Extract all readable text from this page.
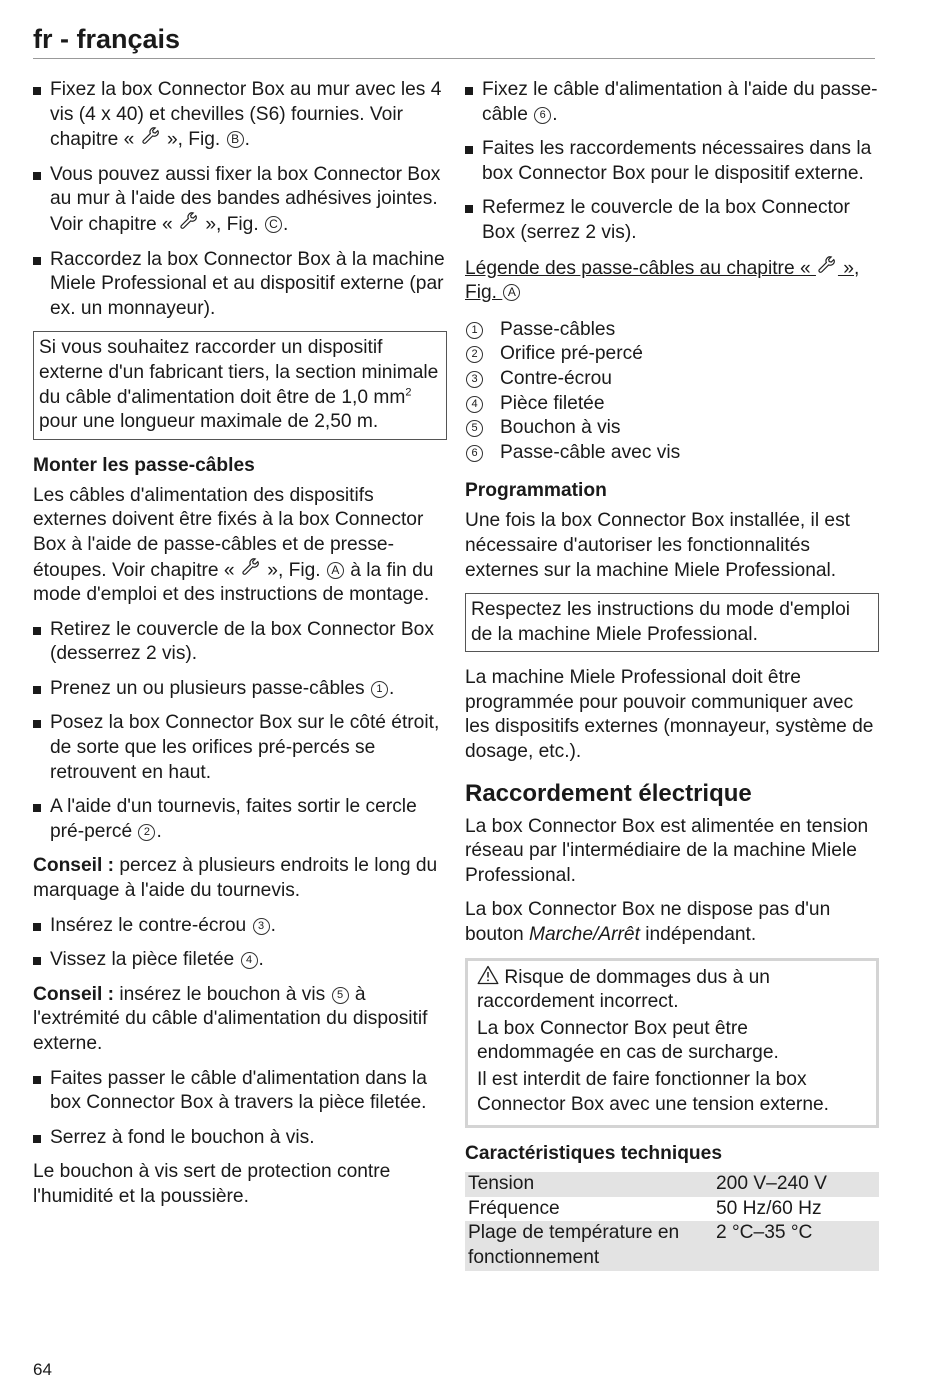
fr - français
Fixez la box Connector Box au mur avec les 4 vis (4 x 40) et chevilles (S6) fournies. Voir chapitre «  », Fig. B .
Vous pouvez aussi fixer la box Connector Box au mur à l'aide des bandes adhésives jointes. Voir chapitre «  », Fig. C .
Raccordez la box Connector Box à la machine Miele Professional et au dispositif externe (par ex. un monnayeur).
Si vous souhaitez raccorder un dispositif externe d'un fabricant tiers, la section minimale du câble d'alimentation doit être de 1,0 $mm^2$ pour une longueur maximale de 2,50 m.
Monter les passe-câbles

Les câbles d'alimentation des dispositifs externes doivent être fixés à la box Connector Box à l'aide de passe-câbles et de presse-étoupes. Voir chapitre «  », Fig. A à la fin du mode d'emploi et des instructions de montage.

Retirez le couvercle de la box Connector Box (desserrez 2 vis).
Prenez un ou plusieurs passe-câbles 1 .
Posez la box Connector Box sur le côté étroit, de sorte que les orifices pré-percés se retrouvent en haut.
A l'aide d'un tournevis, faites sortir le cercle pré-percé 2 .

Conseil : percez à plusieurs endroits le long du marquage à l'aide du tournevis.

Insérez le contre-écrou 3 .
Vissez la pièce filetée 4 .

Conseil : insérez le bouchon à vis 5 à l'extrémité du câble d'alimentation du dispositif externe.

Faites passer le câble d'alimentation dans la box Connector Box à travers la pièce filetée.
Serrez à fond le bouchon à vis.

Le bouchon à vis sert de protection contre l'humidité et la poussière.

Fixez le câble d'alimentation à l'aide du passe-câble 6 .
Faites les raccordements nécessaires dans la box Connector Box pour le dispositif externe.
Refermez le couvercle de la box Connector Box (serrez 2 vis).

Légende des passe-câbles au chapitre «  », Fig. A

1	Passe-câbles
2	Orifice pré-percé
3	Contre-écrou
4	Pièce filetée
5	Bouchon à vis
6	Passe-câble avec vis
Programmation

Une fois la box Connector Box installée, il est nécessaire d'autoriser les fonctionnalités externes sur la machine Miele Professional.

Respectez les instructions du mode d'emploi de la machine Miele Professional.

La machine Miele Professional doit être programmée pour pouvoir communiquer avec les dispositifs externes (monnayeur, système de dosage, etc.).

Raccordement électrique

La box Connector Box est alimentée en tension réseau par l'intermédiaire de la machine Miele Professional.

La box Connector Box ne dispose pas d'un bouton Marche/Arrêt indépendant.

Risque de dommages dus à un raccordement incorrect.

La box Connector Box peut être endommagée en cas de surcharge.

Il est interdit de faire fonctionner la box Connector Box avec une tension externe.

Caractéristiques techniques
Tension	200 V–240 V
Fréquence	50 Hz/60 Hz
Plage de température en fonctionnement	2 °C–35 °C
64
